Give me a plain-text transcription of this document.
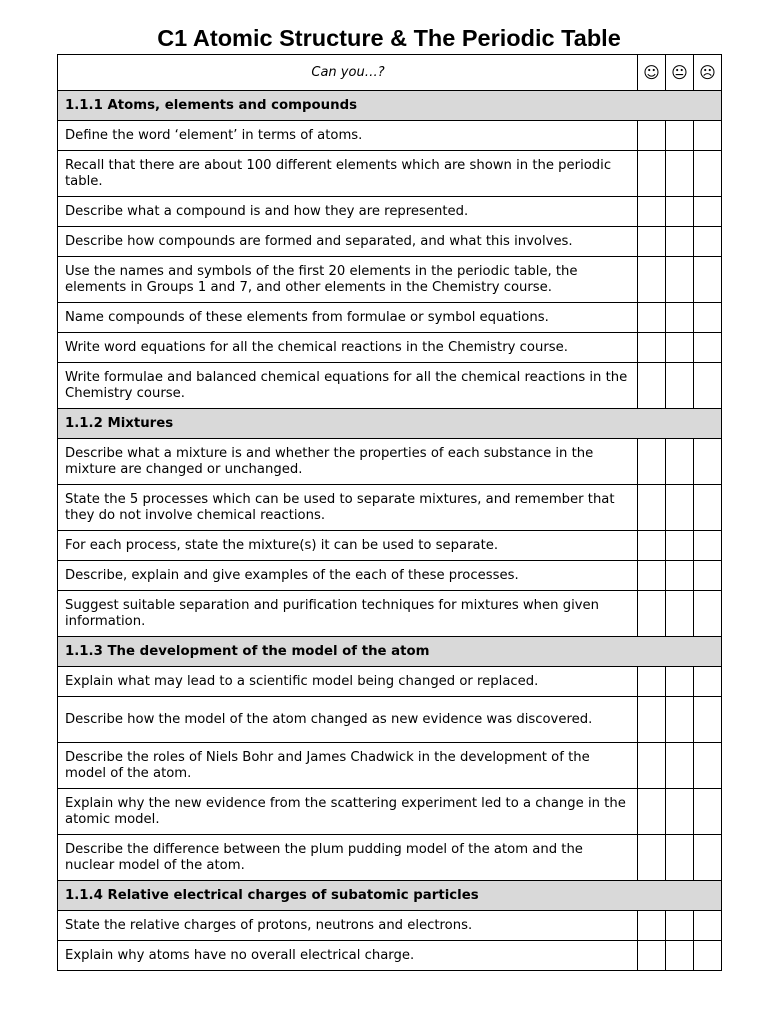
C1 Atomic Structure & The Periodic Table
Can you…?	☺	😐	☹
1.1.1 Atoms, elements and compounds			
Define the word ‘element’ in terms of atoms.			
Recall that there are about 100 different elements which are shown in the periodic table.			
Describe what a compound is and how they are represented.			
Describe how compounds are formed and separated, and what this involves.			
Use the names and symbols of the first 20 elements in the periodic table, the elements in Groups 1 and 7, and other elements in the Chemistry course.			
Name compounds of these elements from formulae or symbol equations.			
Write word equations for all the chemical reactions in the Chemistry course.			
Write formulae and balanced chemical equations for all the chemical reactions in the Chemistry course.			
1.1.2 Mixtures			
Describe what a mixture is and whether the properties of each substance in the mixture are changed or unchanged.			
State the 5 processes which can be used to separate mixtures, and remember that they do not involve chemical reactions.			
For each process, state the mixture(s) it can be used to separate.			
Describe, explain and give examples of the each of these processes.			
Suggest suitable separation and purification techniques for mixtures when given information.			
1.1.3 The development of the model of the atom			
Explain what may lead to a scientific model being changed or replaced.			
Describe how the model of the atom changed as new evidence was discovered.			
Describe the roles of Niels Bohr and James Chadwick in the development of the model of the atom.			
Explain why the new evidence from the scattering experiment led to a change in the atomic model.			
Describe the difference between the plum pudding model of the atom and the nuclear model of the atom.			
1.1.4 Relative electrical charges of subatomic particles			
State the relative charges of protons, neutrons and electrons.			
Explain why atoms have no overall electrical charge.			
